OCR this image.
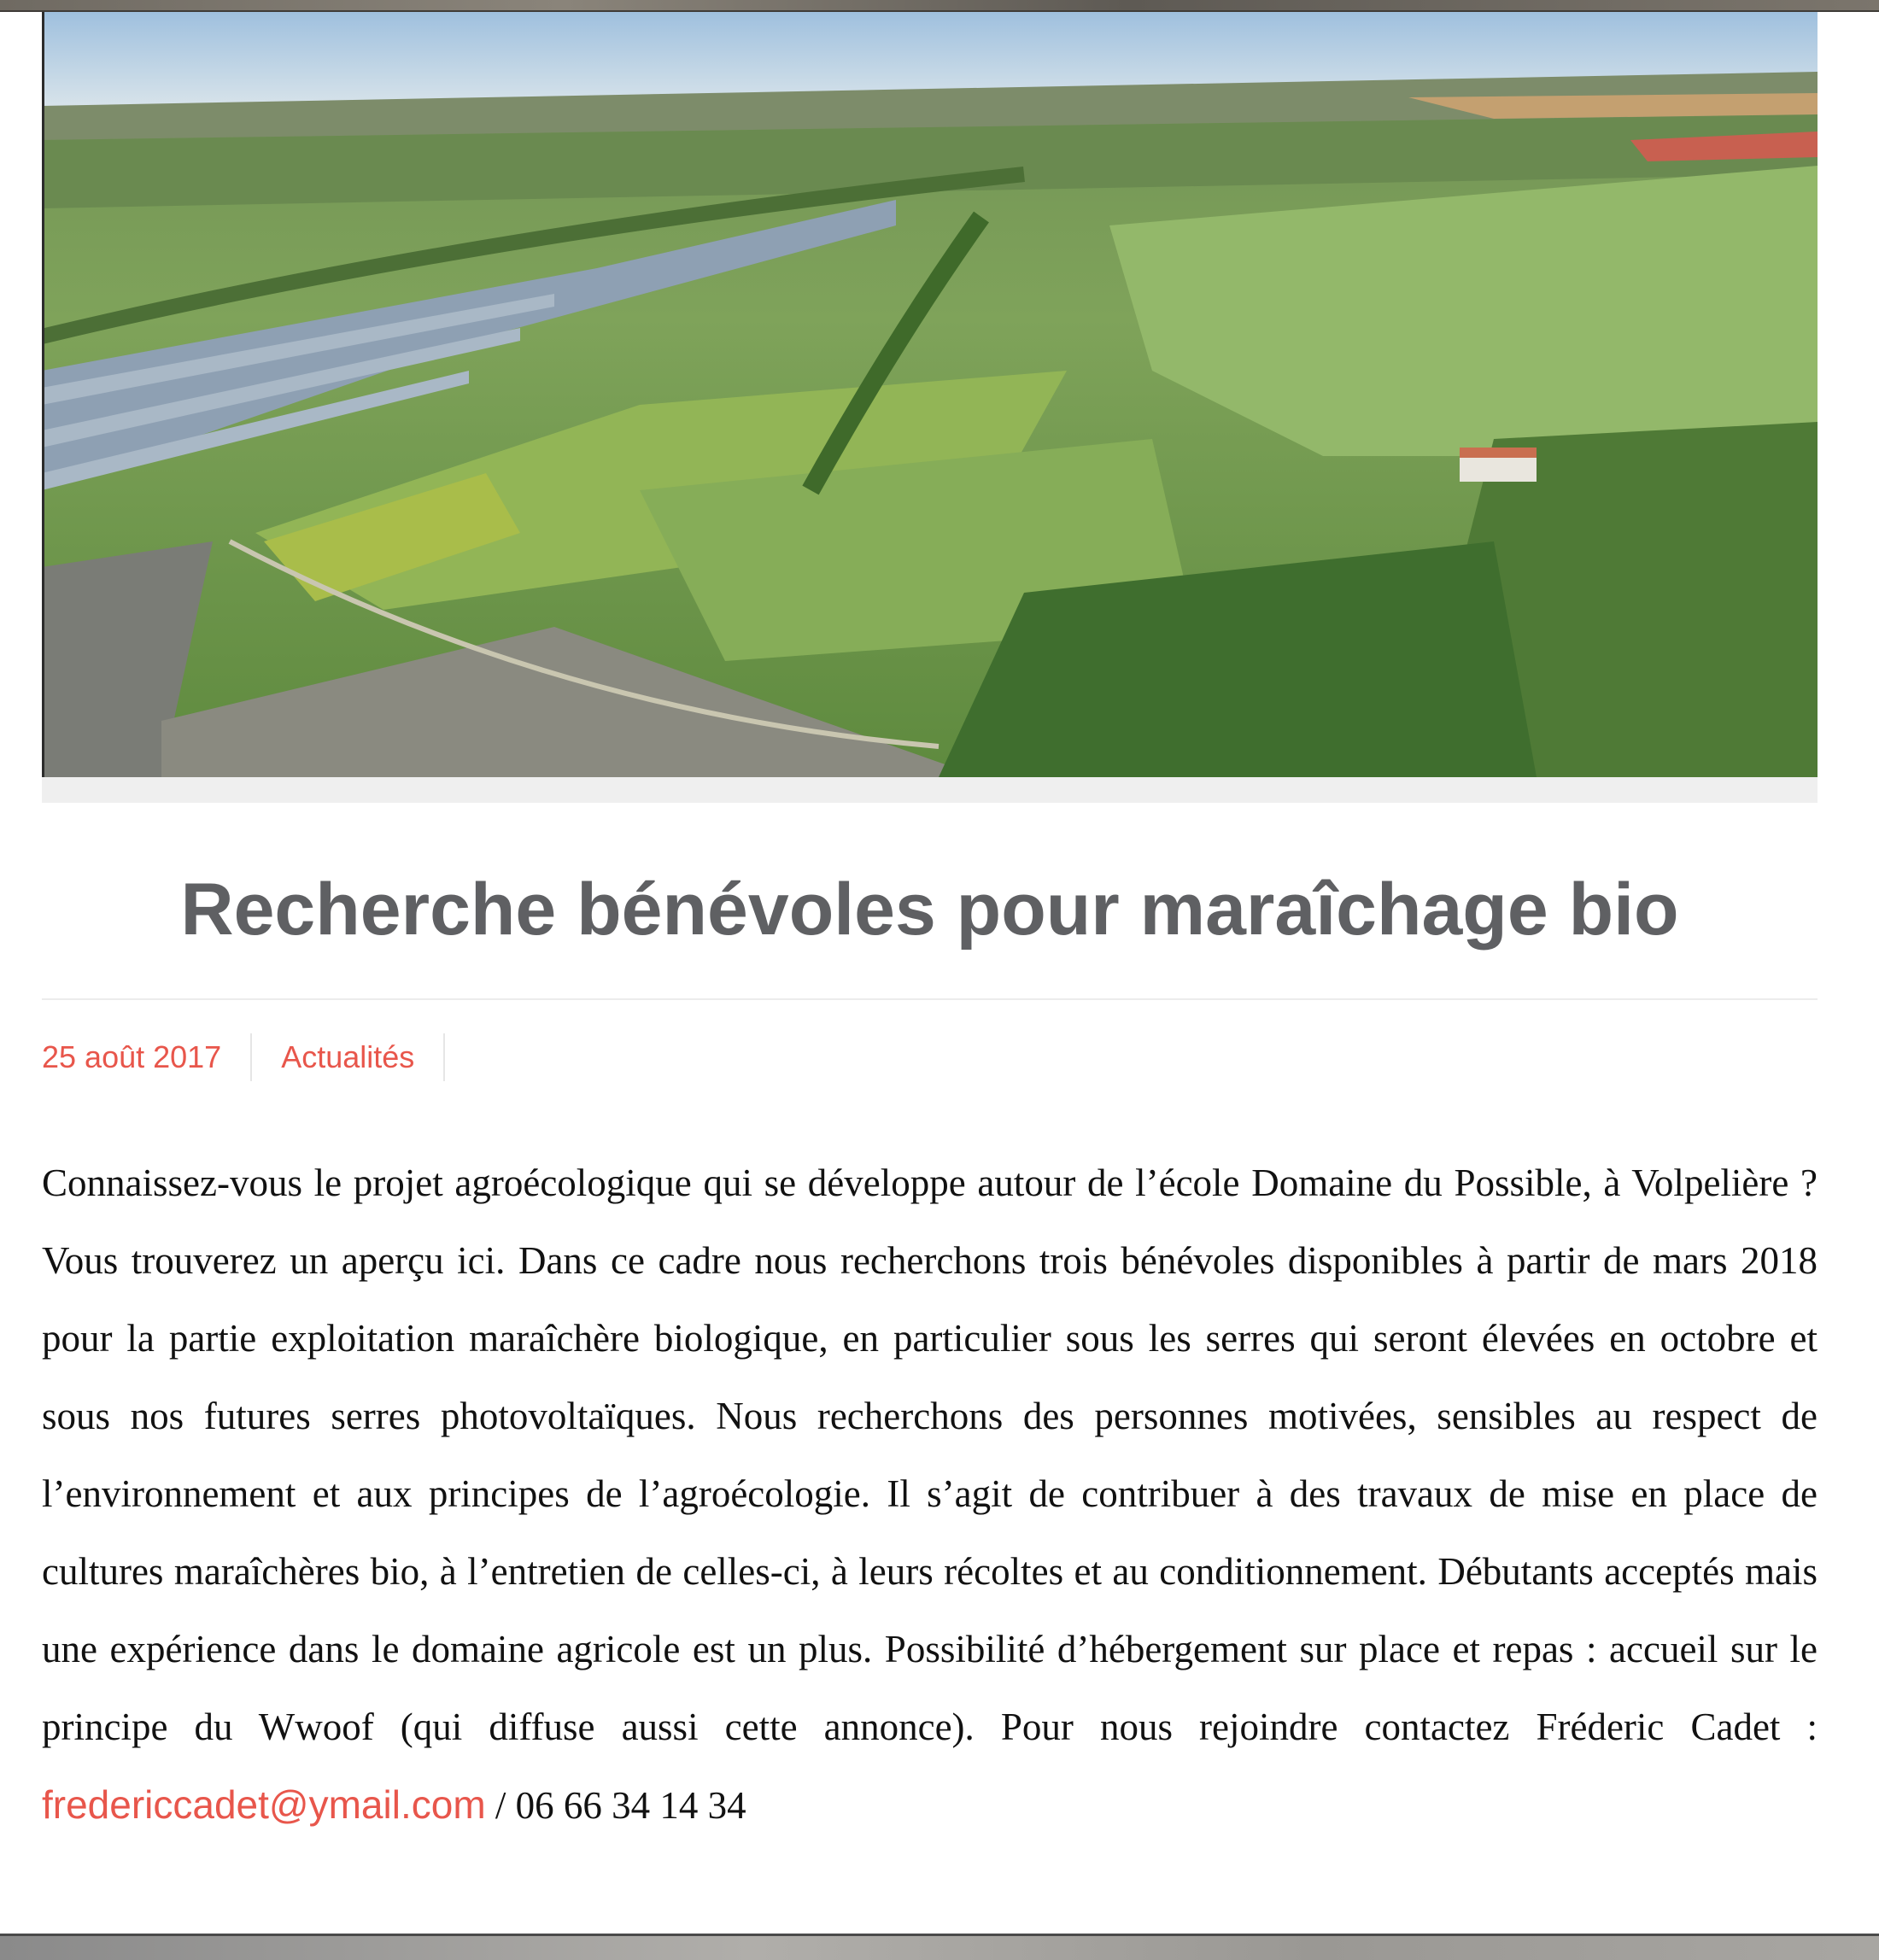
Recherche bénévoles pour maraîchage bio
25 août 2017	Actualités

Connaissez-vous le projet agroécologique qui se développe autour de l’école Domaine du Possible, à Volpelière ? Vous trouverez un aperçu ici. Dans ce cadre nous recherchons trois bénévoles disponibles à partir de mars 2018 pour la partie exploitation maraîchère biologique, en particulier sous les serres qui seront élevées en octobre et sous nos futures serres photovoltaïques. Nous recherchons des personnes motivées, sensibles au respect de l’environnement et aux principes de l’agroécologie. Il s’agit de contribuer à des travaux de mise en place de cultures maraîchères bio, à l’entretien de celles-ci, à leurs récoltes et au conditionnement. Débutants acceptés mais une expérience dans le domaine agricole est un plus. Possibilité d’hébergement sur place et repas : accueil sur le principe du Wwoof (qui diffuse aussi cette annonce). Pour nous rejoindre contactez Fréderic Cadet : fredericcadet@ymail.com / 06 66 34 14 34
